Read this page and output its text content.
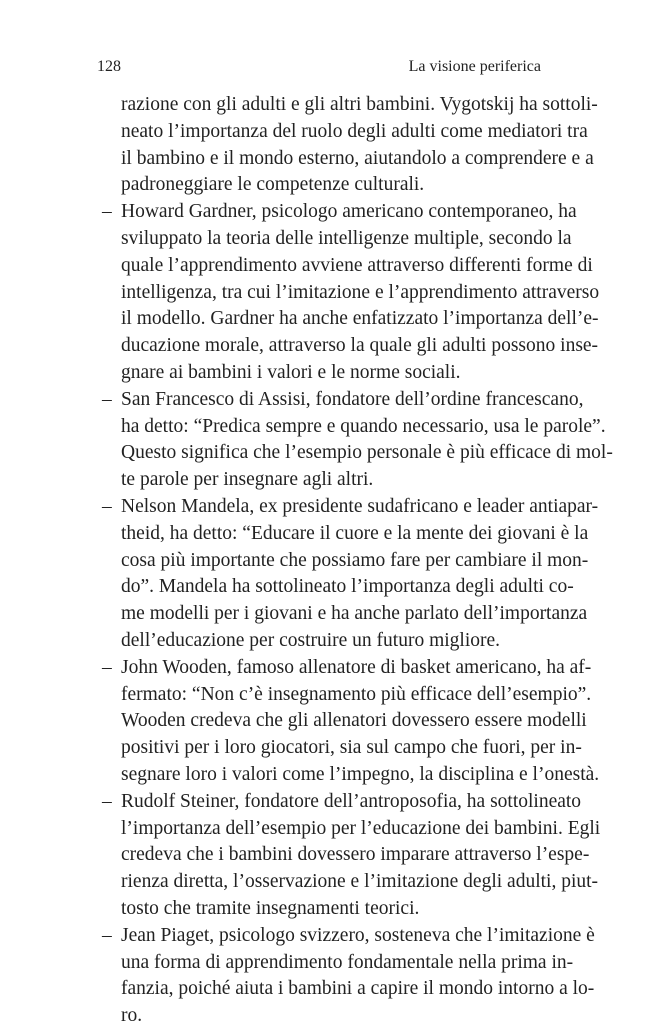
128	La visione periferica
razione con gli adulti e gli altri bambini. Vygotskij ha sottoli-
neato l’importanza del ruolo degli adulti come mediatori tra
il bambino e il mondo esterno, aiutandolo a comprendere e a
padroneggiare le competenze culturali.
– Howard Gardner, psicologo americano contemporaneo, ha
sviluppato la teoria delle intelligenze multiple, secondo la
quale l’apprendimento avviene attraverso differenti forme di
intelligenza, tra cui l’imitazione e l’apprendimento attraverso
il modello. Gardner ha anche enfatizzato l’importanza dell’e-
ducazione morale, attraverso la quale gli adulti possono inse-
gnare ai bambini i valori e le norme sociali.
– San Francesco di Assisi, fondatore dell’ordine francescano,
ha detto: “Predica sempre e quando necessario, usa le parole”.
Questo significa che l’esempio personale è più efficace di mol-
te parole per insegnare agli altri.
– Nelson Mandela, ex presidente sudafricano e leader antiapar-
theid, ha detto: “Educare il cuore e la mente dei giovani è la
cosa più importante che possiamo fare per cambiare il mon-
do”. Mandela ha sottolineato l’importanza degli adulti co-
me modelli per i giovani e ha anche parlato dell’importanza
dell’educazione per costruire un futuro migliore.
– John Wooden, famoso allenatore di basket americano, ha af-
fermato: “Non c’è insegnamento più efficace dell’esempio”.
Wooden credeva che gli allenatori dovessero essere modelli
positivi per i loro giocatori, sia sul campo che fuori, per in-
segnare loro i valori come l’impegno, la disciplina e l’onestà.
– Rudolf Steiner, fondatore dell’antroposofia, ha sottolineato
l’importanza dell’esempio per l’educazione dei bambini. Egli
credeva che i bambini dovessero imparare attraverso l’espe-
rienza diretta, l’osservazione e l’imitazione degli adulti, piut-
tosto che tramite insegnamenti teorici.
– Jean Piaget, psicologo svizzero, sosteneva che l’imitazione è
una forma di apprendimento fondamentale nella prima in-
fanzia, poiché aiuta i bambini a capire il mondo intorno a lo-
ro.
